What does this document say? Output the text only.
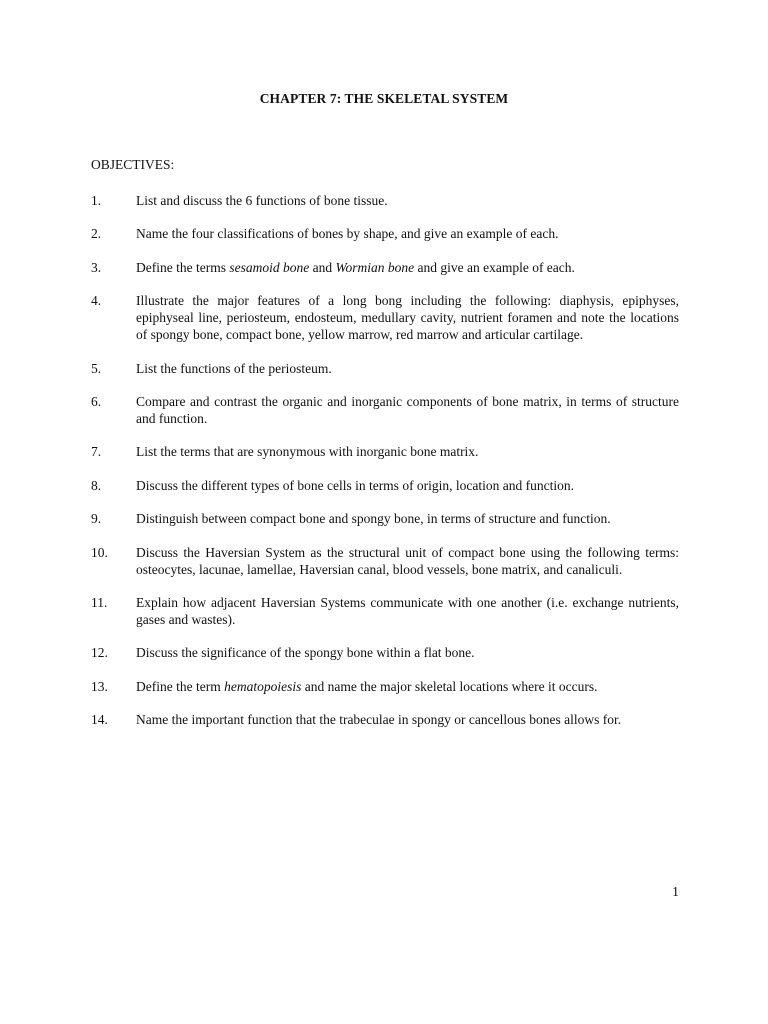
CHAPTER 7: THE SKELETAL SYSTEM
OBJECTIVES:
1.	List and discuss the 6 functions of bone tissue.
2.	Name the four classifications of bones by shape, and give an example of each.
3.	Define the terms sesamoid bone and Wormian bone and give an example of each.
4.	Illustrate the major features of a long bong including the following: diaphysis, epiphyses, epiphyseal line, periosteum, endosteum, medullary cavity, nutrient foramen and note the locations of spongy bone, compact bone, yellow marrow, red marrow and articular cartilage.
5.	List the functions of the periosteum.
6.	Compare and contrast the organic and inorganic components of bone matrix, in terms of structure and function.
7.	List the terms that are synonymous with inorganic bone matrix.
8.	Discuss the different types of bone cells in terms of origin, location and function.
9.	Distinguish between compact bone and spongy bone, in terms of structure and function.
10.	Discuss the Haversian System as the structural unit of compact bone using the following terms: osteocytes, lacunae, lamellae, Haversian canal, blood vessels, bone matrix, and canaliculi.
11.	Explain how adjacent Haversian Systems communicate with one another (i.e. exchange nutrients, gases and wastes).
12.	Discuss the significance of the spongy bone within a flat bone.
13.	Define the term hematopoiesis and name the major skeletal locations where it occurs.
14.	Name the important function that the trabeculae in spongy or cancellous bones allows for.
1
